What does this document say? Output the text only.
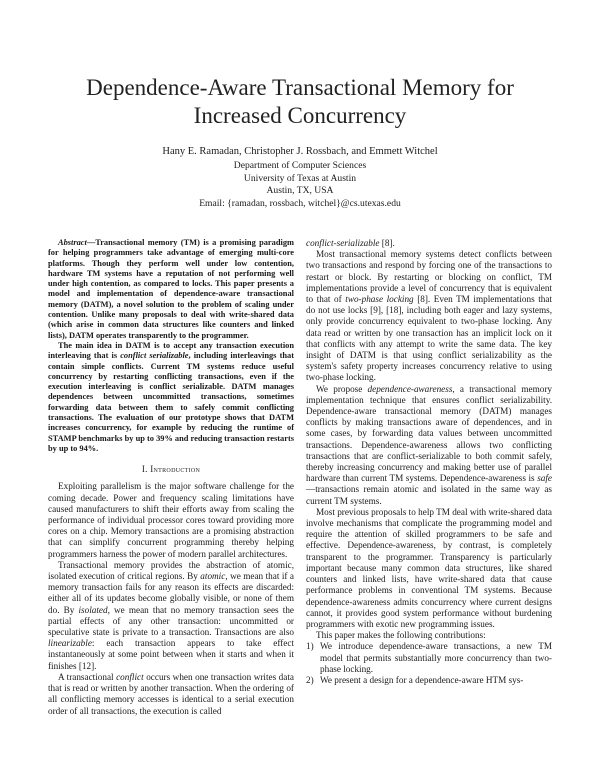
Dependence-Aware Transactional Memory for Increased Concurrency
Hany E. Ramadan, Christopher J. Rossbach, and Emmett Witchel
Department of Computer Sciences
University of Texas at Austin
Austin, TX, USA
Email: {ramadan, rossbach, witchel}@cs.utexas.edu

Abstract—Transactional memory (TM) is a promising paradigm for helping programmers take advantage of emerging multi-core platforms. Though they perform well under low contention, hardware TM systems have a reputation of not performing well under high contention, as compared to locks. This paper presents a model and implementation of dependence-aware transactional memory (DATM), a novel solution to the problem of scaling under contention. Unlike many proposals to deal with write-shared data (which arise in common data structures like counters and linked lists), DATM operates transparently to the programmer.

The main idea in DATM is to accept any transaction execution interleaving that is conflict serializable, including interleavings that contain simple conflicts. Current TM systems reduce useful concurrency by restarting conflicting transactions, even if the execution interleaving is conflict serializable. DATM manages dependences between uncommitted transactions, sometimes forwarding data between them to safely commit conflicting transactions. The evaluation of our prototype shows that DATM increases concurrency, for example by reducing the runtime of STAMP benchmarks by up to 39% and reducing transaction restarts by up to 94%.

I. Introduction

Exploiting parallelism is the major software challenge for the coming decade. Power and frequency scaling limitations have caused manufacturers to shift their efforts away from scaling the performance of individual processor cores toward providing more cores on a chip. Memory transactions are a promising abstraction that can simplify concurrent programming thereby helping programmers harness the power of modern parallel architectures.

Transactional memory provides the abstraction of atomic, isolated execution of critical regions. By atomic, we mean that if a memory transaction fails for any reason its effects are discarded: either all of its updates become globally visible, or none of them do. By isolated, we mean that no memory transaction sees the partial effects of any other transaction: uncommitted or speculative state is private to a transaction. Transactions are also linearizable: each transaction appears to take effect instantaneously at some point between when it starts and when it finishes [12].

A transactional conflict occurs when one transaction writes data that is read or written by another transaction. When the ordering of all conflicting memory accesses is identical to a serial execution order of all transactions, the execution is called

conflict-serializable [8].

Most transactional memory systems detect conflicts between two transactions and respond by forcing one of the transactions to restart or block. By restarting or blocking on conflict, TM implementations provide a level of concurrency that is equivalent to that of two-phase locking [8]. Even TM implementations that do not use locks [9], [18], including both eager and lazy systems, only provide concurrency equivalent to two-phase locking. Any data read or written by one transaction has an implicit lock on it that conflicts with any attempt to write the same data. The key insight of DATM is that using conflict serializability as the system's safety property increases concurrency relative to using two-phase locking.

We propose dependence-awareness, a transactional memory implementation technique that ensures conflict serializability. Dependence-aware transactional memory (DATM) manages conflicts by making transactions aware of dependences, and in some cases, by forwarding data values between uncommitted transactions. Dependence-awareness allows two conflicting transactions that are conflict-serializable to both commit safely, thereby increasing concurrency and making better use of parallel hardware than current TM systems. Dependence-awareness is safe—transactions remain atomic and isolated in the same way as current TM systems.

Most previous proposals to help TM deal with write-shared data involve mechanisms that complicate the programming model and require the attention of skilled programmers to be safe and effective. Dependence-awareness, by contrast, is completely transparent to the programmer. Transparency is particularly important because many common data structures, like shared counters and linked lists, have write-shared data that cause performance problems in conventional TM systems. Because dependence-awareness admits concurrency where current designs cannot, it provides good system performance without burdening programmers with exotic new programming issues.

This paper makes the following contributions:

1) We introduce dependence-aware transactions, a new TM model that permits substantially more concurrency than two-phase locking.
2) We present a design for a dependence-aware HTM sys-
